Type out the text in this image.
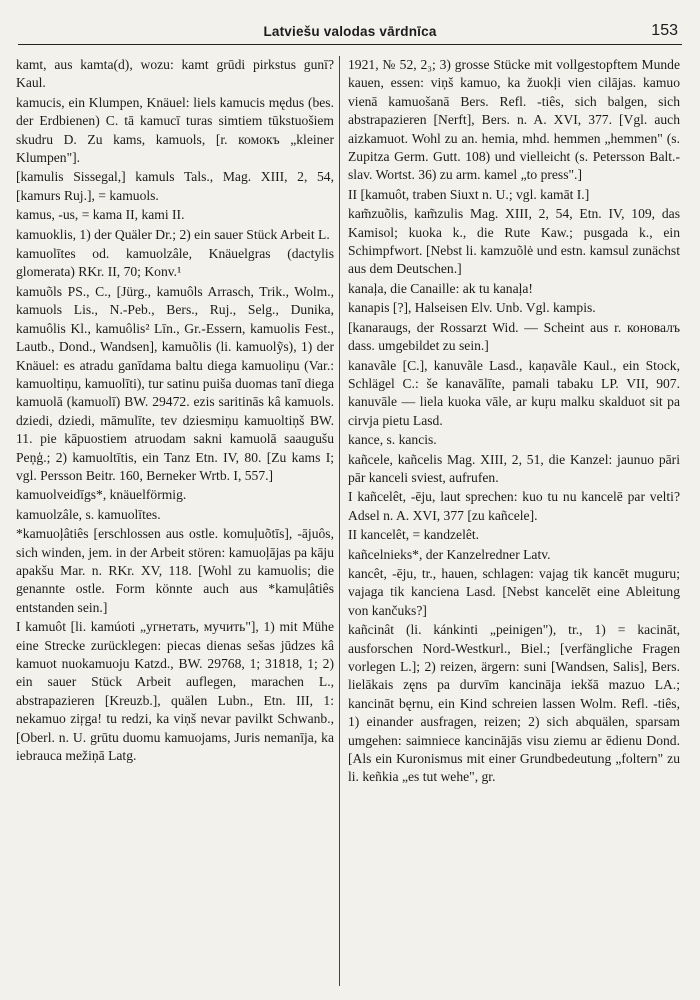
Latviešu valodas vārdnīca	153

kamt, aus kamta(d), wozu: kamt grūdi pirkstus gunī? Kaul.

kamucis, ein Klumpen, Knäuel: liels kamucis mędus (bes. der Erdbienen) C. tā kamucī turas simtiem tūkstuošiem skudru D. Zu kams, kamuols, [r. комокъ „kleiner Klumpen"].

[kamulis Sissegal,] kamuls Tals., Mag. XIII, 2, 54, [kamurs Ruj.], = kamuols.

kamus, -us, = kama II, kami II.

kamuoklis, 1) der Quäler Dr.; 2) ein sauer Stück Arbeit L.

kamuolītes od. kamuolzâle, Knäuelgras (dactylis glomerata) RKr. II, 70; Konv.¹

kamuõls PS., C., [Jürg., kamuôls Arrasch, Trik., Wolm., kamuols Lis., N.-Peb., Bers., Ruj., Selg., Dunika, kamuôlis Kl., kamuôlis² Līn., Gr.-Essern, kamuolis Fest., Lautb., Dond., Wandsen], kamuõlis (li. kamuolỹs), 1) der Knäuel: es atradu ganīdama baltu diega kamuoliņu (Var.: kamuoltiņu, kamuolīti), tur satinu puiša duomas tanī diega kamuolā (kamuolī) BW. 29472. ezis saritinās kâ kamuols. dziedi, dziedi, māmulīte, tev dziesmiņu kamuoltiņš BW. 11. pie kāpuostiem atruodam sakni kamuolā saaugušu Peņģ.; 2) kamuoltītis, ein Tanz Etn. IV, 80. [Zu kams I; vgl. Persson Beitr. 160, Berneker Wrtb. I, 557.]

kamuolveidīgs*, knäuelförmig.

kamuolzâle, s. kamuolītes.

*kamuoļâtiês [erschlossen aus ostle. komuļuõtīs], -ājuôs, sich winden, jem. in der Arbeit stören: kamuoļājas pa kāju apakšu Mar. n. RKr. XV, 118. [Wohl zu kamuolis; die genannte ostle. Form könnte auch aus *kamuļâtiês entstanden sein.]

I kamuôt [li. kamúoti „угнетать, мучить"], 1) mit Mühe eine Strecke zurücklegen: piecas dienas sešas jūdzes kâ kamuot nuokamuoju Katzd., BW. 29768, 1; 31818, 1; 2) ein sauer Stück Arbeit auflegen, marachen L., abstrapazieren [Kreuzb.], quälen Lubn., Etn. III, 1: nekamuo ziŗga! tu redzi, ka viņš nevar pavilkt Schwanb., [Oberl. n. U. grūtu duomu kamuojams, Juris nemanīja, ka iebrauca mežiņā Latg.

1921, № 52, 2₃; 3) grosse Stücke mit vollgestopftem Munde kauen, essen: viņš kamuo, ka žuokļi vien cilājas. kamuo vienā kamuošanā Bers. Refl. -tiês, sich balgen, sich abstrapazieren [Nerft], Bers. n. A. XVI, 377. [Vgl. auch aizkamuot. Wohl zu an. hemia, mhd. hemmen „hemmen" (s. Zupitza Germ. Gutt. 108) und vielleicht (s. Petersson Balt.-slav. Wortst. 36) zu arm. kamel „to press".]

II [kamuôt, traben Siuxt n. U.; vgl. kamāt I.]

kam̃zuõlis, kam̃zulis Mag. XIII, 2, 54, Etn. IV, 109, das Kamisol; kuoka k., die Rute Kaw.; pusgada k., ein Schimpfwort. [Nebst li. kamzuõlė und estn. kamsul zunächst aus dem Deutschen.]

kanaļa, die Canaille: ak tu kanaļa!

kanapis [?], Halseisen Elv. Unb. Vgl. kampis.

[kanaraugs, der Rossarzt Wid. — Scheint aus r. коновалъ dass. umgebildet zu sein.]

kanavãle [C.], kanuvãle Lasd., kaņavãle Kaul., ein Stock, Schlägel C.: še kanavālīte, pamali tabaku LP. VII, 907. kanuvāle — liela kuoka vāle, ar kuŗu malku skalduot sit pa cirvja pietu Lasd.

kance, s. kancis.

kañcele, kañcelis Mag. XIII, 2, 51, die Kanzel: jaunuo pāri pār kanceli sviest, aufrufen.

I kañcelêt, -ēju, laut sprechen: kuo tu nu kancelē par velti? Adsel n. A. XVI, 377 [zu kañcele].

II kancelêt, = kandzelêt.

kañcelnieks*, der Kanzelredner Latv.

kancêt, -ēju, tr., hauen, schlagen: vajag tik kancēt muguru; vajaga tik kanciena Lasd. [Nebst kancelēt eine Ableitung von kančuks?]

kañcinât (li. kánkinti „peinigen"), tr., 1) = kacināt, ausforschen Nord-Westkurl., Biel.; [verfängliche Fragen vorlegen L.]; 2) reizen, ärgern: suni [Wandsen, Salis], Bers. lielākais zęns pa durvīm kancināja iekšā mazuo LA.; kancināt bęrnu, ein Kind schreien lassen Wolm. Refl. -tiês, 1) einander ausfragen, reizen; 2) sich abquälen, sparsam umgehen: saimniece kancinājās visu ziemu ar ēdienu Dond. [Als ein Kuronismus mit einer Grundbedeutung „foltern" zu li. keñkia „es tut wehe", gr.
